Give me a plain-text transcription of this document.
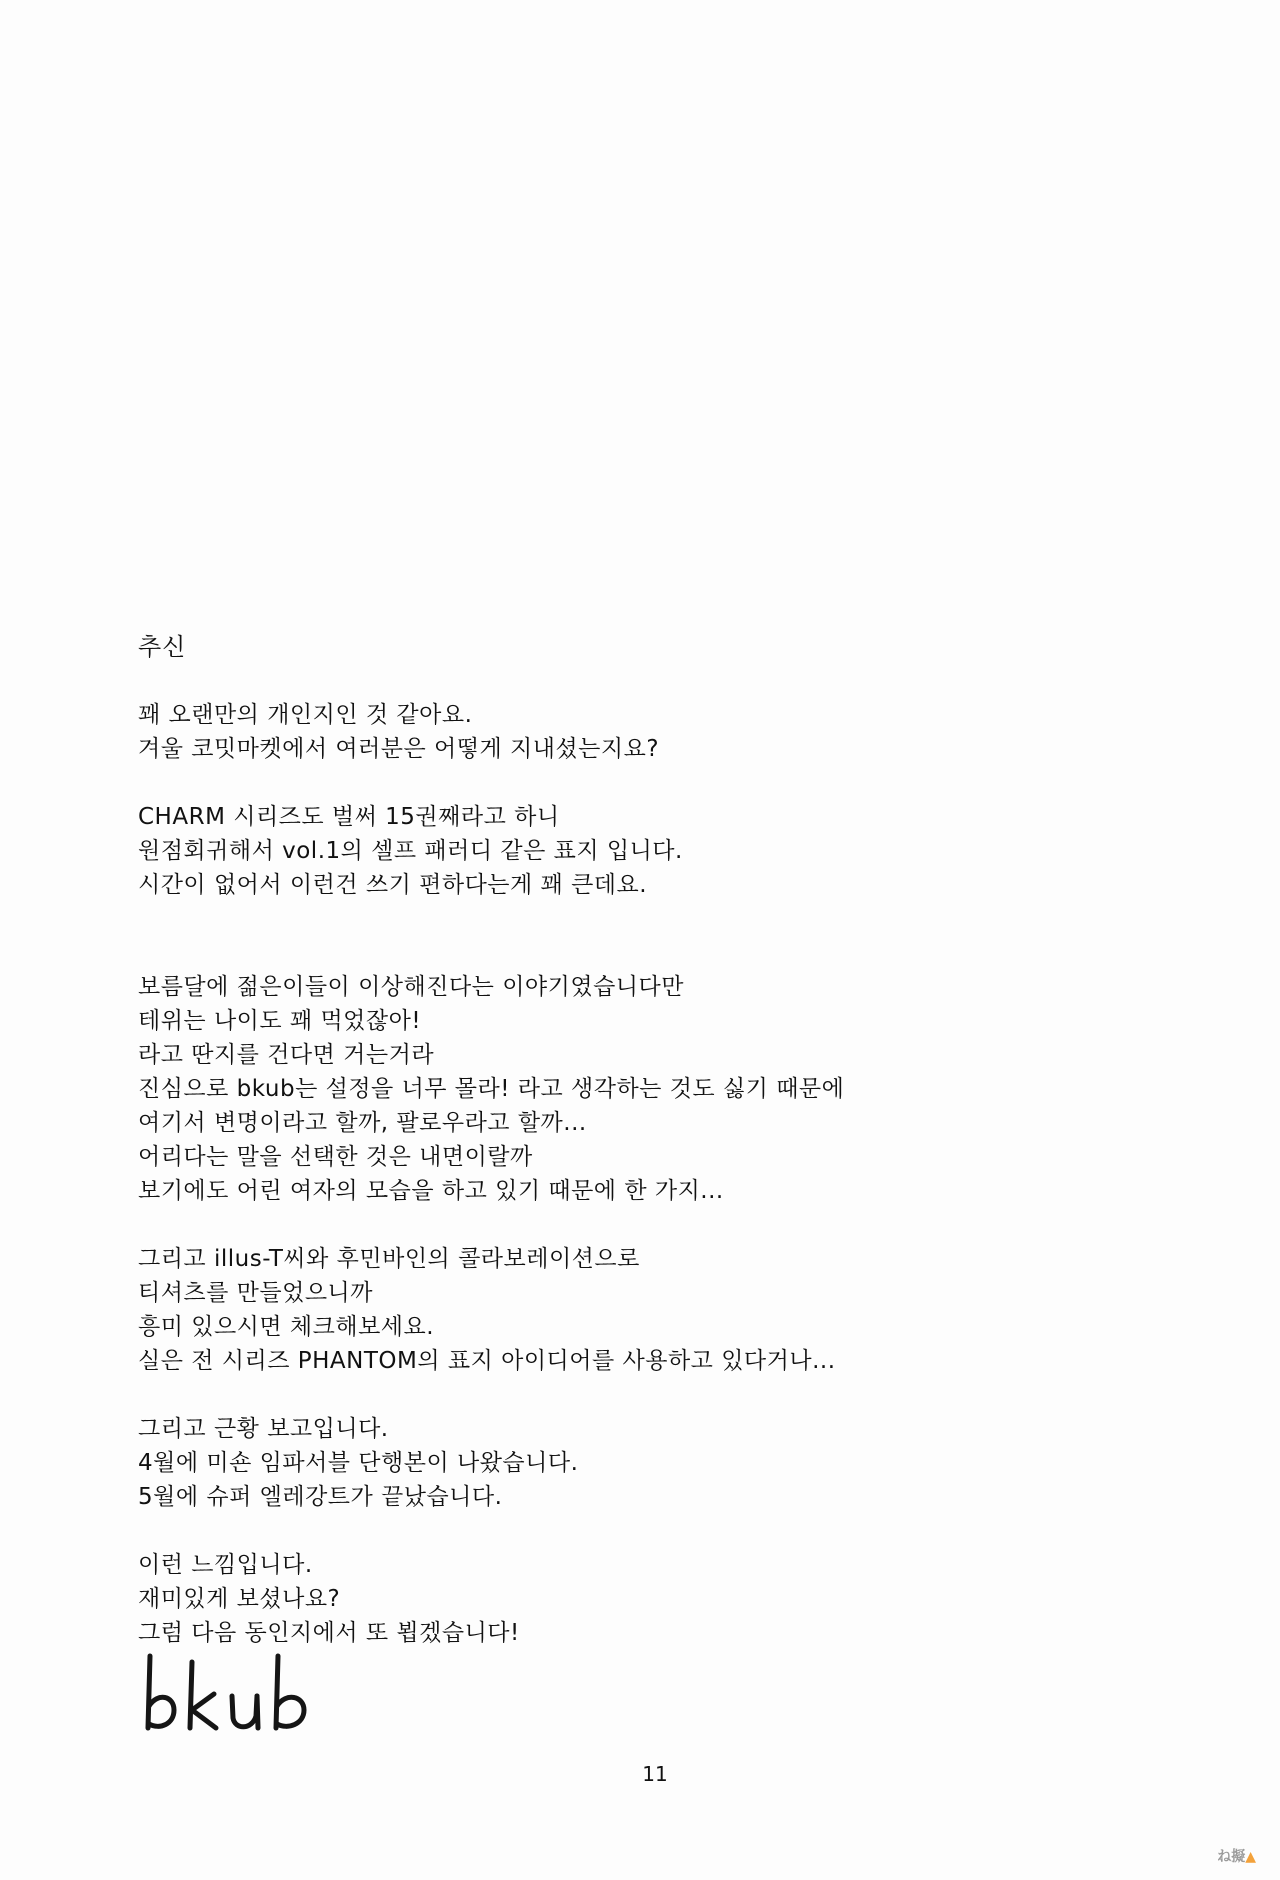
추신
꽤 오랜만의 개인지인 것 같아요.
겨울 코밋마켓에서 여러분은 어떻게 지내셨는지요?
CHARM 시리즈도 벌써 15권째라고 하니
원점회귀해서 vol.1의 셀프 패러디 같은 표지 입니다.
시간이 없어서 이런건 쓰기 편하다는게 꽤 큰데요.
보름달에 젊은이들이 이상해진다는 이야기였습니다만
테위는 나이도 꽤 먹었잖아!
라고 딴지를 건다면 거는거라
진심으로 bkub는 설정을 너무 몰라! 라고 생각하는 것도 싫기 때문에
여기서 변명이라고 할까, 팔로우라고 할까...
어리다는 말을 선택한 것은 내면이랄까
보기에도 어린 여자의 모습을 하고 있기 때문에 한 가지...
그리고 illus-T씨와 후민바인의 콜라보레이션으로
티셔츠를 만들었으니까
흥미 있으시면 체크해보세요.
실은 전 시리즈 PHANTOM의 표지 아이디어를 사용하고 있다거나...
그리고 근황 보고입니다.
4월에 미숀 임파서블 단행본이 나왔습니다.
5월에 슈퍼 엘레강트가 끝났습니다.
이런 느낌입니다.
재미있게 보셨나요?
그럼 다음 동인지에서 또 뵙겠습니다!
11
ね擬▲
